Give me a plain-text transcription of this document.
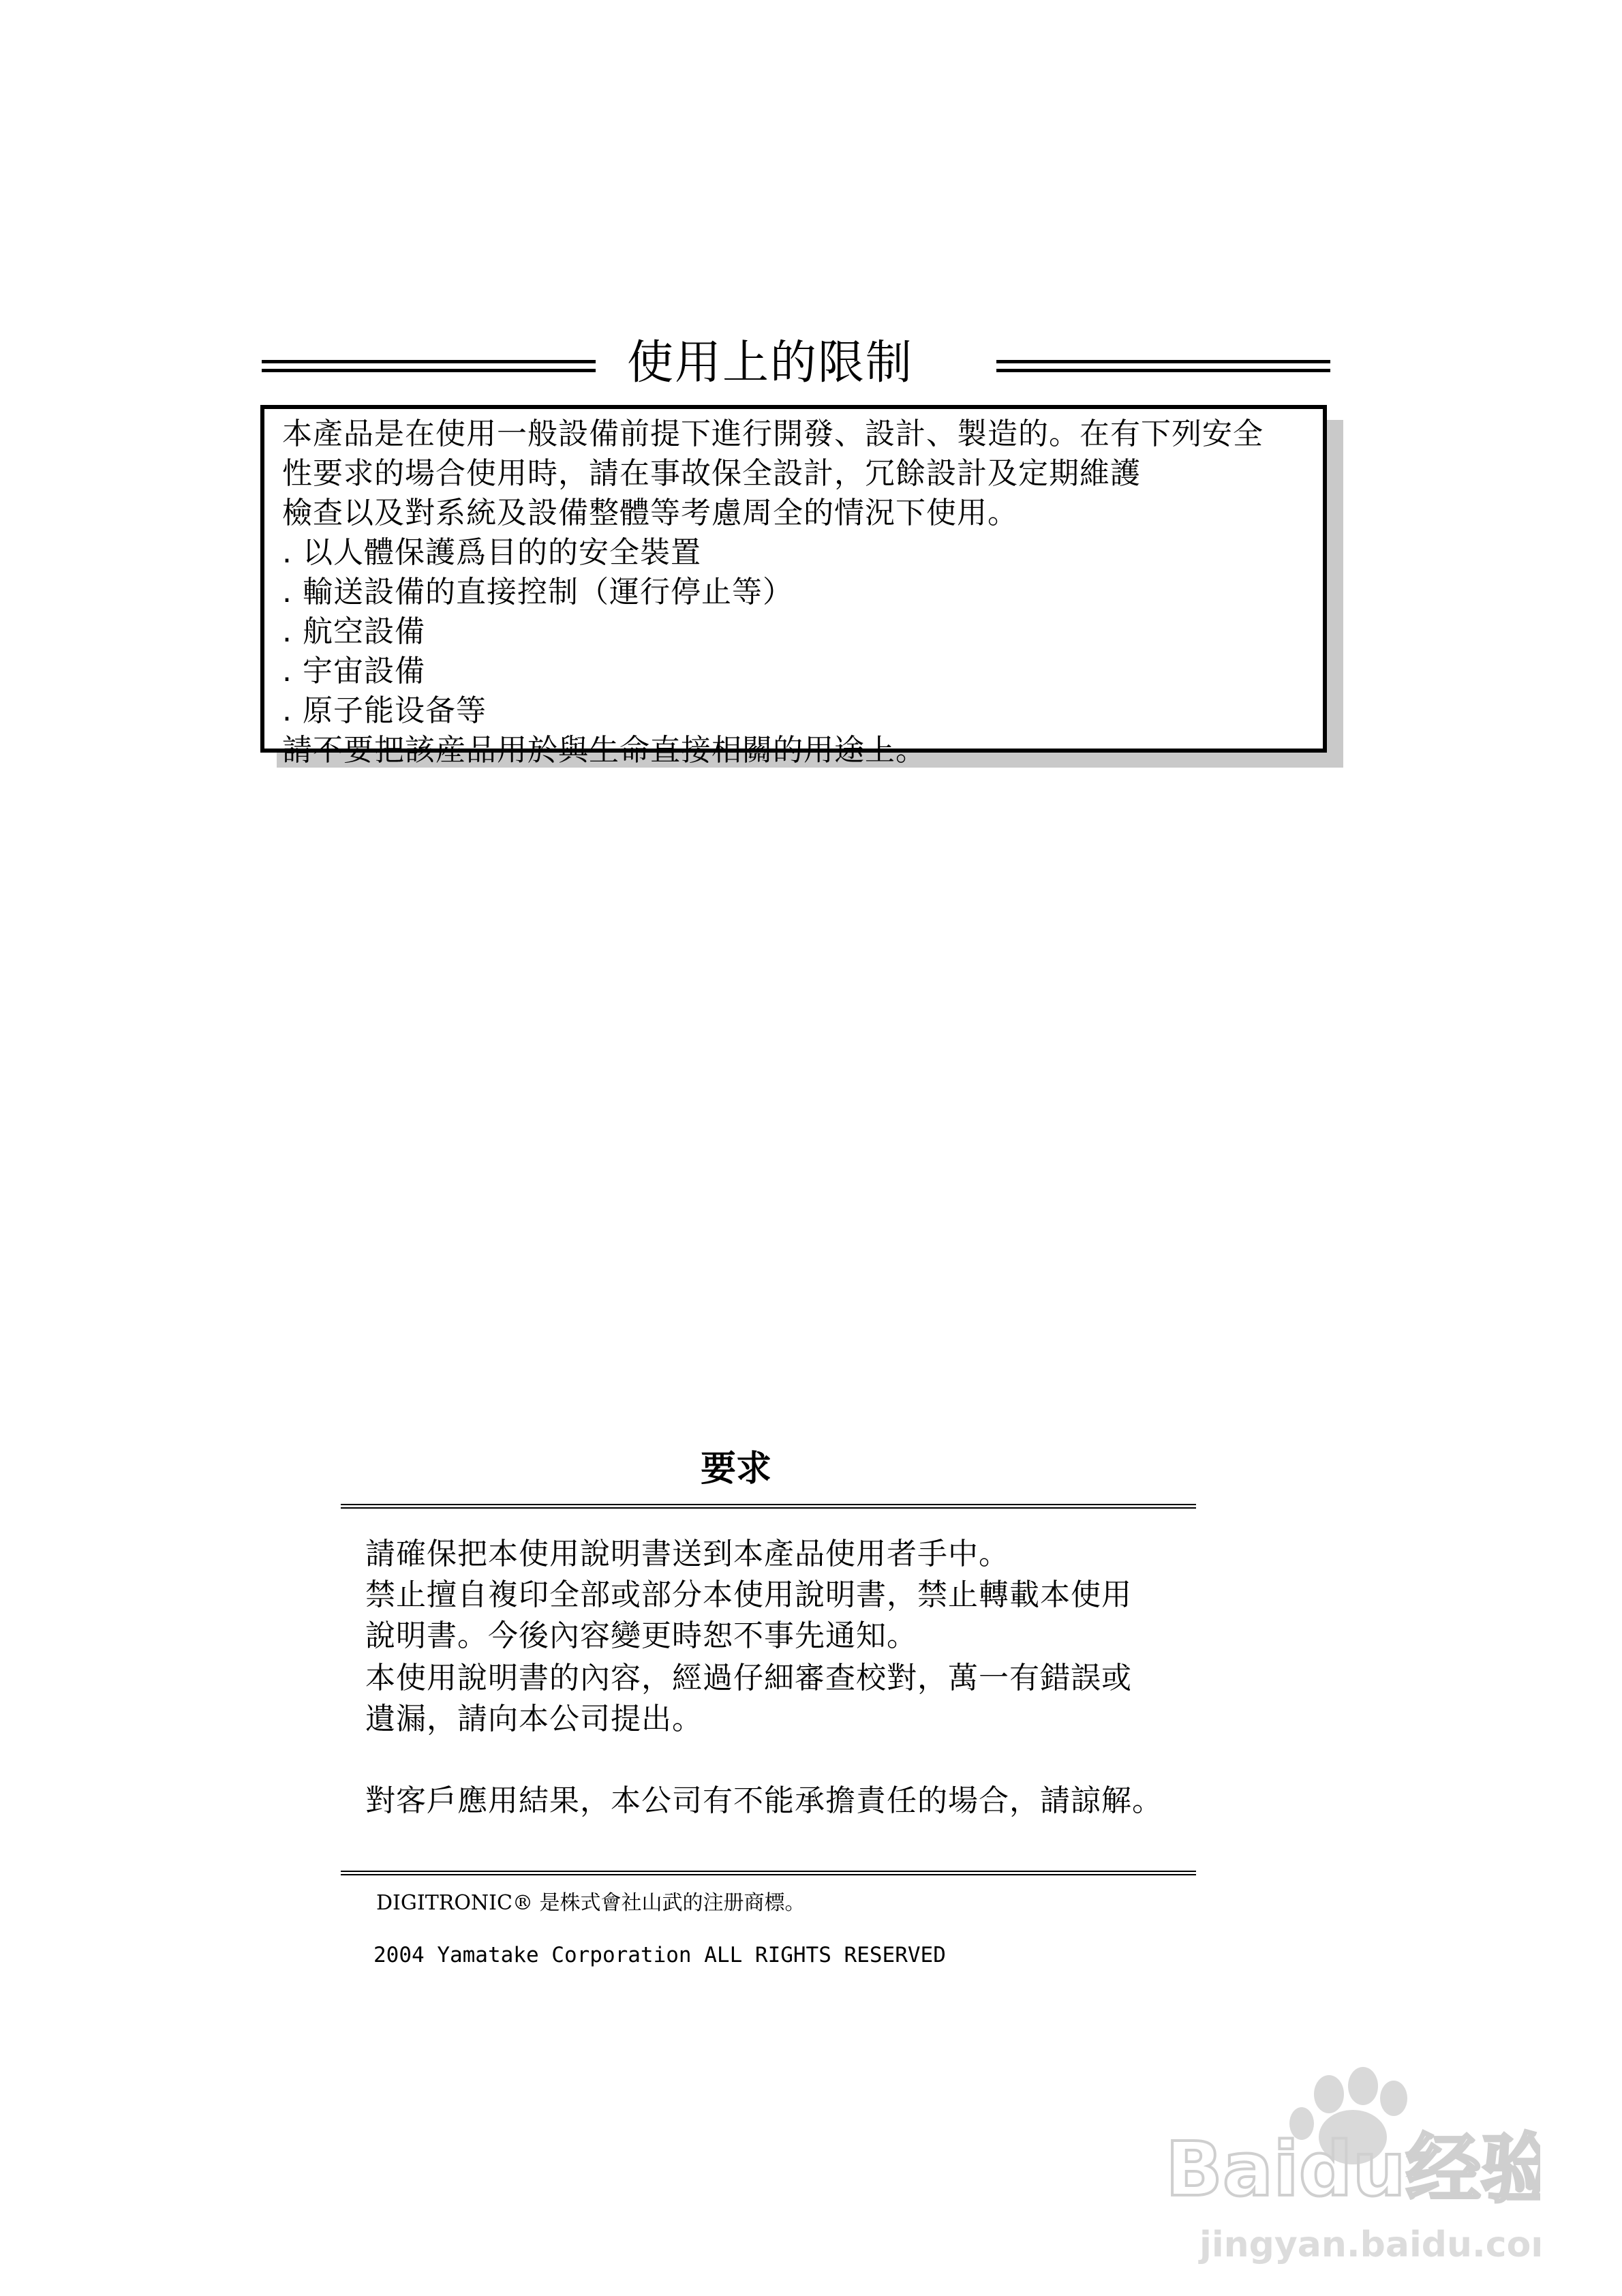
使用上的限制
本產品是在使用一般設備前提下進行開發、設計、製造的。在有下列安全
性要求的場合使用時，請在事故保全設計，冗餘設計及定期維護
檢查以及對系統及設備整體等考慮周全的情況下使用。
. 以人體保護爲目的的安全裝置
. 輸送設備的直接控制（運行停止等）
. 航空設備
. 宇宙設備
. 原子能设备等
請不要把該産品用於與生命直接相關的用途上。
要求
請確保把本使用說明書送到本產品使用者手中。
禁止擅自複印全部或部分本使用說明書，禁止轉載本使用
說明書。今後內容變更時恕不事先通知。
本使用說明書的內容，經過仔細審查校對，萬一有錯誤或
遺漏，請向本公司提出。
對客戶應用結果，本公司有不能承擔責任的場合，請諒解。
DIGITRONIC® 是株式會社山武的注册商標。
2004 Yamatake Corporation ALL RIGHTS RESERVED
Baidu经验
jingyan.baidu.com
